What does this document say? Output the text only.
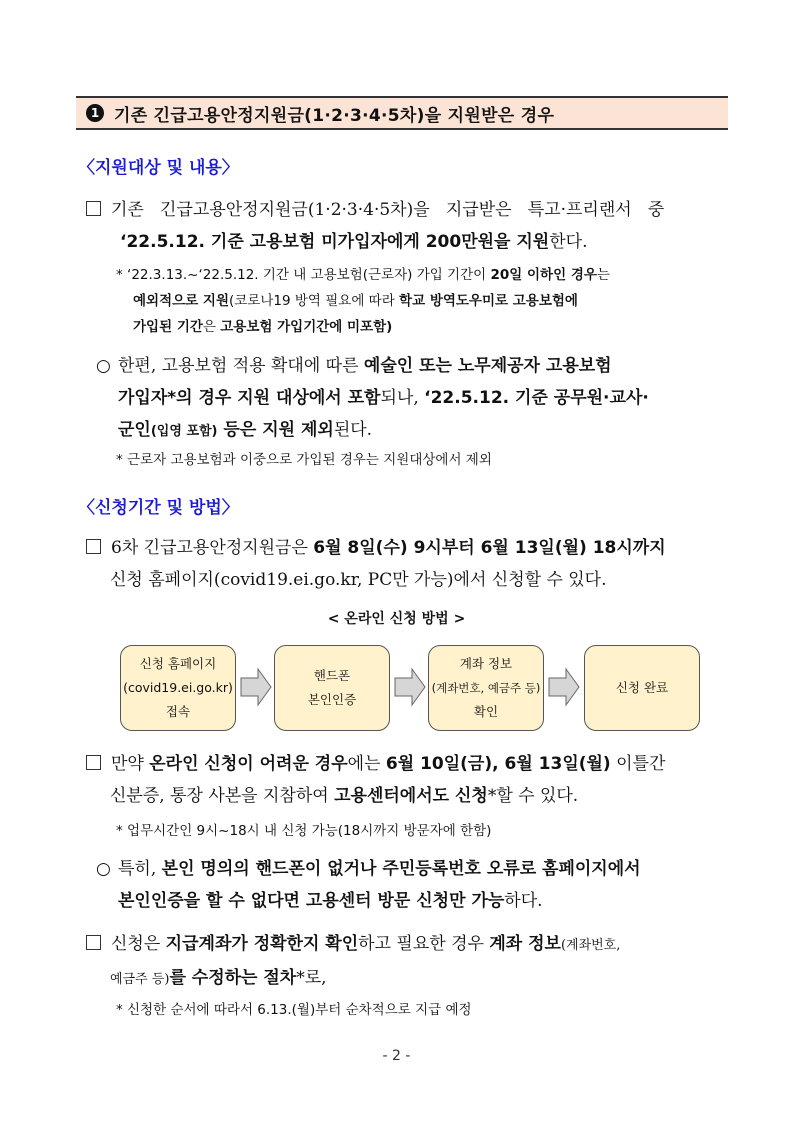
1 기존 긴급고용안정지원금(1·2·3·4·5차)을 지원받은 경우
〈지원대상 및 내용〉
기존   긴급고용안정지원금(1·2·3·4·5차)을   지급받은   특고·프리랜서   중
‘22.5.12. 기준 고용보험 미가입자에게 200만원을 지원한다.
* ‘22.3.13.~‘22.5.12. 기간 내 고용보험(근로자) 가입 기간이 20일 이하인 경우는
예외적으로 지원(코로나19 방역 필요에 따라 학교 방역도우미로 고용보험에
가입된 기간은 고용보험 가입기간에 미포함)
○ 한편, 고용보험 적용 확대에 따른 예술인 또는 노무제공자 고용보험
가입자*의 경우 지원 대상에서 포함되나, ‘22.5.12. 기준 공무원·교사·
군인(입영 포함) 등은 지원 제외된다.
* 근로자 고용보험과 이중으로 가입된 경우는 지원대상에서 제외
〈신청기간 및 방법〉
6차 긴급고용안정지원금은 6월 8일(수) 9시부터 6월 13일(월) 18시까지
신청 홈페이지(covid19.ei.go.kr, PC만 가능)에서 신청할 수 있다.
< 온라인 신청 방법 >
신청 홈페이지
(covid19.ei.go.kr)
접속
핸드폰
본인인증
계좌 정보
(계좌번호, 예금주 등)
확인
신청 완료
만약 온라인 신청이 어려운 경우에는 6월 10일(금), 6월 13일(월) 이틀간
신분증, 통장 사본을 지참하여 고용센터에서도 신청*할 수 있다.
* 업무시간인 9시~18시 내 신청 가능(18시까지 방문자에 한함)
○ 특히, 본인 명의의 핸드폰이 없거나 주민등록번호 오류로 홈페이지에서
본인인증을 할 수 없다면 고용센터 방문 신청만 가능하다.
신청은 지급계좌가 정확한지 확인하고 필요한 경우 계좌 정보(계좌번호,
예금주 등)를 수정하는 절차*로,
* 신청한 순서에 따라서 6.13.(월)부터 순차적으로 지급 예정
- 2 -
